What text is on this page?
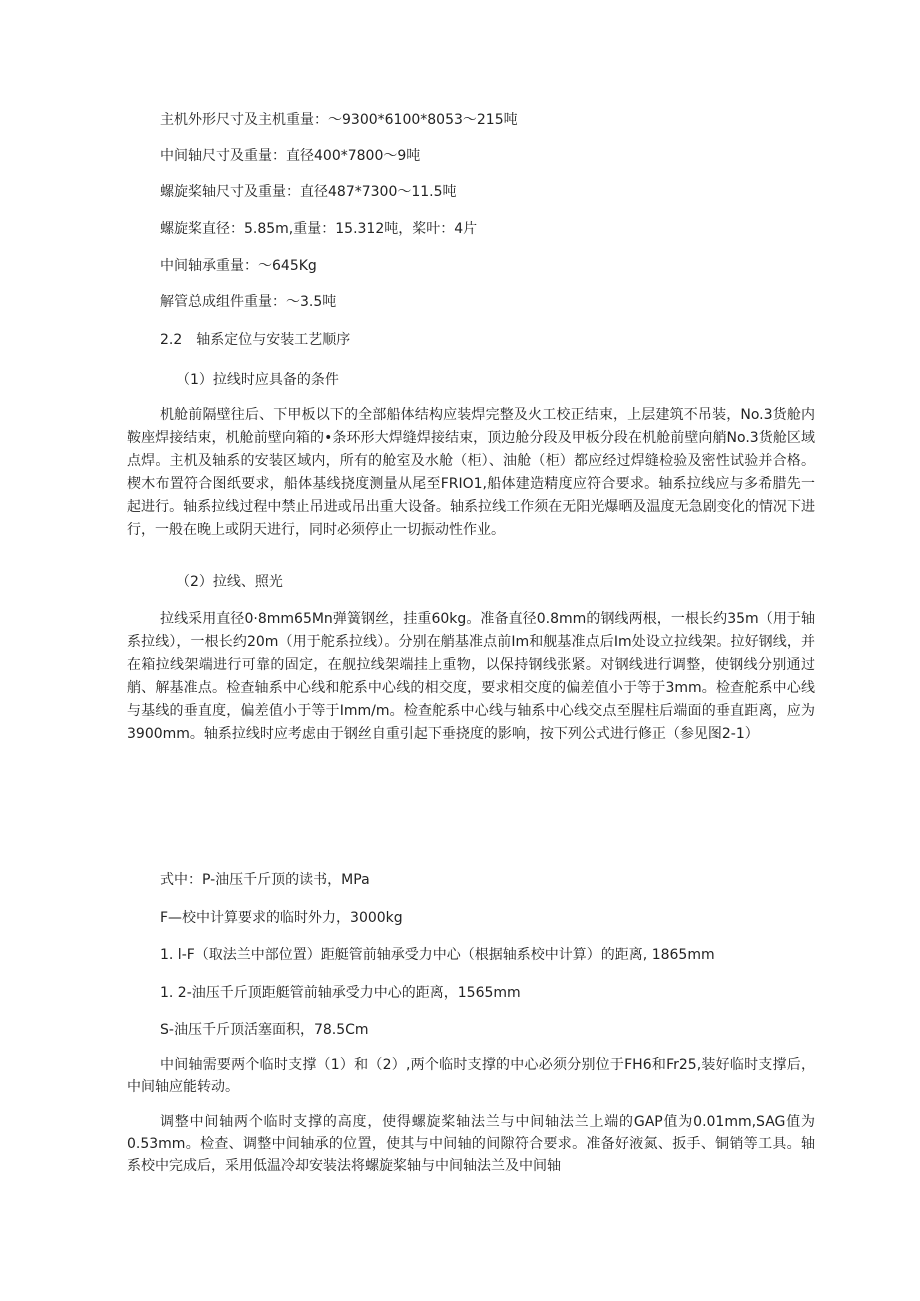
主机外形尺寸及主机重量：～9300*6100*8053～215吨
中间轴尺寸及重量：直径400*7800～9吨
螺旋桨轴尺寸及重量：直径487*7300～11.5吨
螺旋桨直径：5.85m,重量：15.312吨，桨叶：4片
中间轴承重量：～645Kg
解管总成组件重量：～3.5吨
2.2　轴系定位与安装工艺顺序
（1）拉线时应具备的条件
机舱前隔壁往后、下甲板以下的全部船体结构应装焊完整及火工校正结束，上层建筑不吊装，No.3货舱内鞍座焊接结束，机舱前壁向箱的•条环形大焊缝焊接结束，顶边舱分段及甲板分段在机舱前壁向艄No.3货舱区域点焊。主机及轴系的安装区域内，所有的舱室及水舱（柜）、油舱（柜）都应经过焊缝检验及密性试验并合格。楔木布置符合图纸要求，船体基线挠度测量从尾至FRIO1,船体建造精度应符合要求。轴系拉线应与多希腊先一起进行。轴系拉线过程中禁止吊进或吊出重大设备。轴系拉线工作须在无阳光爆晒及温度无急剧变化的情况下进行，一般在晚上或阴天进行，同时必须停止一切振动性作业。
（2）拉线、照光
拉线采用直径0·8mm65Mn弹簧钢丝，挂重60kg。准备直径0.8mm的钢线两根，一根长约35m（用于轴系拉线），一根长约20m（用于舵系拉线）。分别在艄基准点前Im和舰基准点后Im处设立拉线架。拉好钢线，并在箱拉线架端进行可靠的固定，在舰拉线架端挂上重物，以保持钢线张紧。对钢线进行调整，使钢线分别通过艄、解基准点。检查轴系中心线和舵系中心线的相交度，要求相交度的偏差值小于等于3mm。检查舵系中心线与基线的垂直度，偏差值小于等于Imm/m。检查舵系中心线与轴系中心线交点至腥柱后端面的垂直距离，应为3900mm。轴系拉线时应考虑由于钢丝自重引起下垂挠度的影响，按下列公式进行修正（参见图2-1）
式中：P-油压千斤顶的读书，MPa
F—校中计算要求的临时外力，3000kg
1. l-F（取法兰中部位置）距艇管前轴承受力中心（根据轴系校中计算）的距离, 1865mm
1. 2-油压千斤顶距艇管前轴承受力中心的距离，1565mm
S-油压千斤顶活塞面积，78.5Cm
中间轴需要两个临时支撑（1）和（2）,两个临时支撑的中心必须分别位于FH6和Fr25,装好临时支撑后，中间轴应能转动。
调整中间轴两个临时支撑的高度，使得螺旋桨轴法兰与中间轴法兰上端的GAP值为0.01mm,SAG值为0.53mm。检查、调整中间轴承的位置，使其与中间轴的间隙符合要求。准备好液氮、扳手、铜销等工具。轴系校中完成后，采用低温冷却安装法将螺旋桨轴与中间轴法兰及中间轴
